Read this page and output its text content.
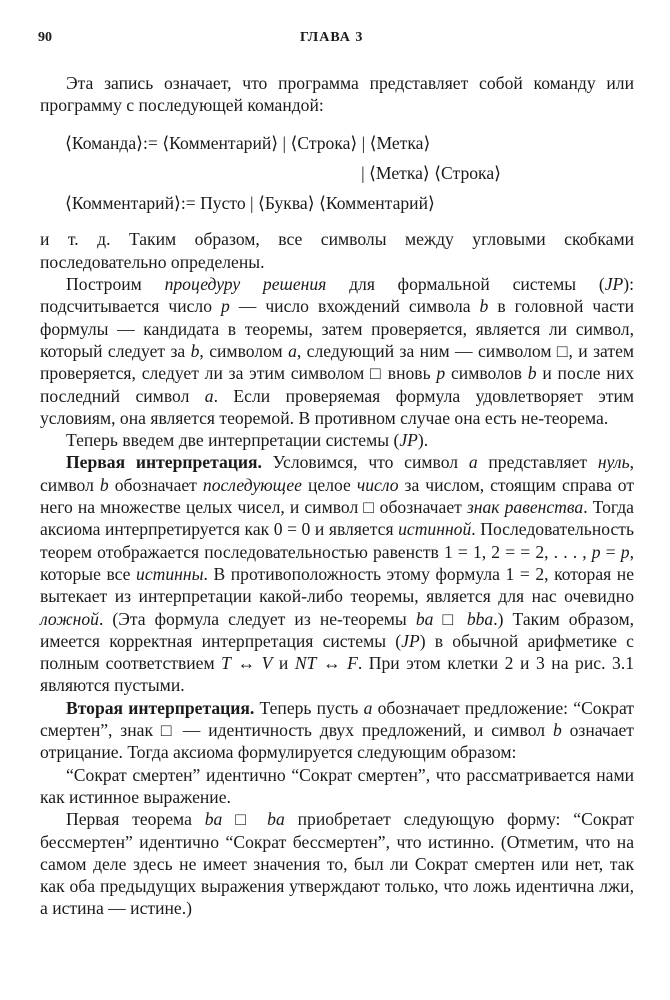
90	ГЛАВА 3

Эта запись означает, что программа представляет собой команду или программу с последующей командой:

⟨Команда⟩:= ⟨Комментарий⟩ | ⟨Строка⟩ | ⟨Метка⟩

| ⟨Метка⟩ ⟨Строка⟩

⟨Комментарий⟩:= Пусто | ⟨Буква⟩ ⟨Комментарий⟩

и т. д. Таким образом, все символы между угловыми скобками последовательно определены.

Построим процедуру решения для формальной системы (JP): подсчитывается число p — число вхождений символа b в головной части формулы — кандидата в теоремы, затем проверяется, является ли символ, который следует за b, символом a, следующий за ним — символом □, и затем проверяется, следует ли за этим символом □ вновь p символов b и после них последний символ a. Если проверяемая формула удовлетворяет этим условиям, она является теоремой. В противном случае она есть не-теорема.

Теперь введем две интерпретации системы (JP).

Первая интерпретация. Условимся, что символ a представляет нуль, символ b обозначает последующее целое число за числом, стоящим справа от него на множестве целых чисел, и символ □ обозначает знак равенства. Тогда аксиома интерпретируется как 0 = 0 и является истинной. Последовательность теорем отображается последовательностью равенств 1 = 1, 2 = = 2, . . . , p = p, которые все истинны. В противоположность этому формула 1 = 2, которая не вытекает из интерпретации какой-либо теоремы, является для нас очевидно ложной. (Эта формула следует из не-теоремы ba □ bba.) Таким образом, имеется корректная интерпретация системы (JP) в обычной арифметике с полным соответствием T ↔ V и NT ↔ F. При этом клетки 2 и 3 на рис. 3.1 являются пустыми.

Вторая интерпретация. Теперь пусть a обозначает предложение: “Сократ смертен”, знак □ — идентичность двух предложений, и символ b означает отрицание. Тогда аксиома формулируется следующим образом:

“Сократ смертен” идентично “Сократ смертен”, что рассматривается нами как истинное выражение.

Первая теорема ba □ ba приобретает следующую форму: “Сократ бессмертен” идентично “Сократ бессмертен”, что истинно. (Отметим, что на самом деле здесь не имеет значения то, был ли Сократ смертен или нет, так как оба предыдущих выражения утверждают только, что ложь идентична лжи, а истина — истине.)
